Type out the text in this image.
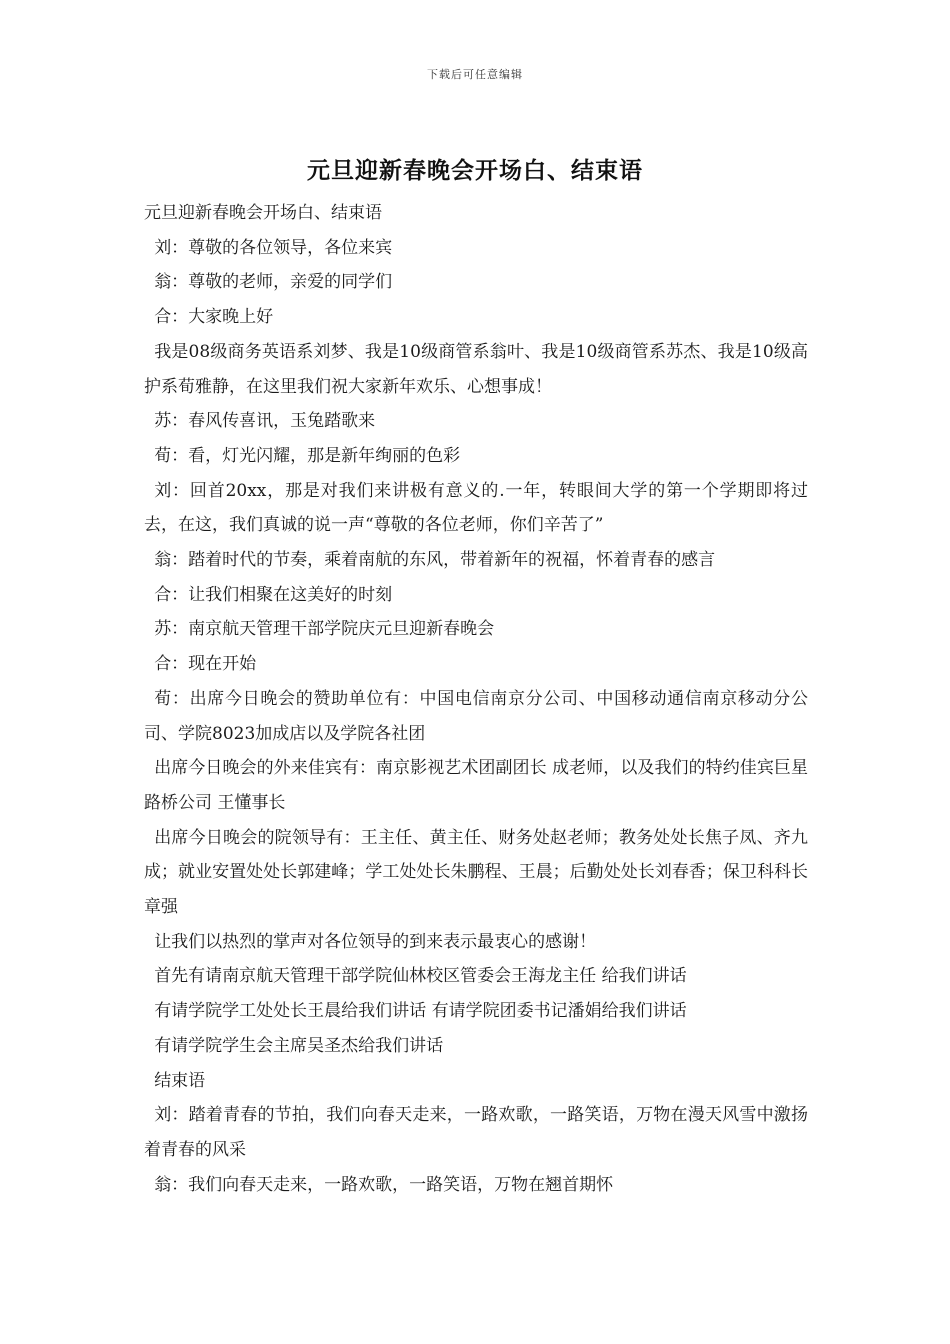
下载后可任意编辑
元旦迎新春晚会开场白、结束语

元旦迎新春晚会开场白、结束语

刘：尊敬的各位领导，各位来宾

翁：尊敬的老师，亲爱的同学们

合：大家晚上好

我是08级商务英语系刘梦、我是10级商管系翁叶、我是10级商管系苏杰、我是10级高护系荀雅静，在这里我们祝大家新年欢乐、心想事成！

苏：春风传喜讯，玉兔踏歌来

荀：看，灯光闪耀，那是新年绚丽的色彩

刘：回首20xx，那是对我们来讲极有意义的.一年，转眼间大学的第一个学期即将过去，在这，我们真诚的说一声“尊敬的各位老师，你们辛苦了”

翁：踏着时代的节奏，乘着南航的东风，带着新年的祝福，怀着青春的感言

合：让我们相聚在这美好的时刻

苏：南京航天管理干部学院庆元旦迎新春晚会

合：现在开始

荀：出席今日晚会的赞助单位有：中国电信南京分公司、中国移动通信南京移动分公司、学院8023加成店以及学院各社团

出席今日晚会的外来佳宾有：南京影视艺术团副团长 成老师，以及我们的特约佳宾巨星路桥公司 王懂事长

出席今日晚会的院领导有：王主任、黄主任、财务处赵老师；教务处处长焦子凤、齐九成；就业安置处处长郭建峰；学工处处长朱鹏程、王晨；后勤处处长刘春香；保卫科科长章强

让我们以热烈的掌声对各位领导的到来表示最衷心的感谢！

首先有请南京航天管理干部学院仙林校区管委会王海龙主任 给我们讲话

有请学院学工处处长王晨给我们讲话 有请学院团委书记潘娟给我们讲话

有请学院学生会主席吴圣杰给我们讲话

结束语

刘：踏着青春的节拍，我们向春天走来，一路欢歌，一路笑语，万物在漫天风雪中激扬着青春的风采

翁：我们向春天走来，一路欢歌，一路笑语，万物在翘首期怀
